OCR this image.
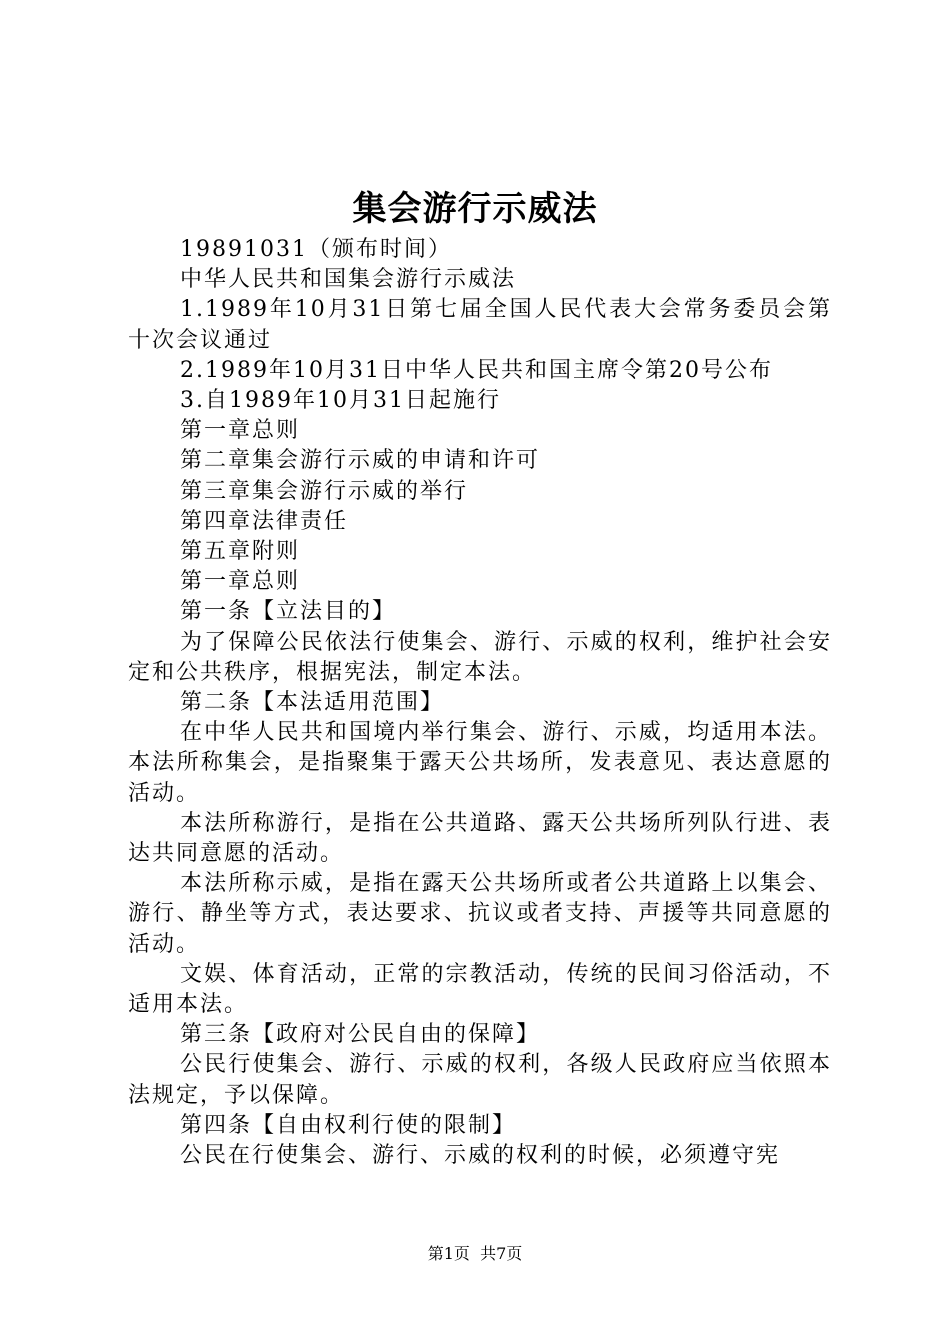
集会游行示威法

19891031（颁布时间）

中华人民共和国集会游行示威法

1.1989年10月31日第七届全国人民代表大会常务委员会第十次会议通过

2.1989年10月31日中华人民共和国主席令第20号公布

3.自1989年10月31日起施行

第一章总则

第二章集会游行示威的申请和许可

第三章集会游行示威的举行

第四章法律责任

第五章附则

第一章总则

第一条【立法目的】

为了保障公民依法行使集会、游行、示威的权利，维护社会安定和公共秩序，根据宪法，制定本法。

第二条【本法适用范围】

在中华人民共和国境内举行集会、游行、示威，均适用本法。本法所称集会，是指聚集于露天公共场所，发表意见、表达意愿的活动。

本法所称游行，是指在公共道路、露天公共场所列队行进、表达共同意愿的活动。

本法所称示威，是指在露天公共场所或者公共道路上以集会、游行、静坐等方式，表达要求、抗议或者支持、声援等共同意愿的活动。

文娱、体育活动，正常的宗教活动，传统的民间习俗活动，不适用本法。

第三条【政府对公民自由的保障】

公民行使集会、游行、示威的权利，各级人民政府应当依照本法规定，予以保障。

第四条【自由权利行使的限制】

公民在行使集会、游行、示威的权利的时候，必须遵守宪

第1页  共7页
